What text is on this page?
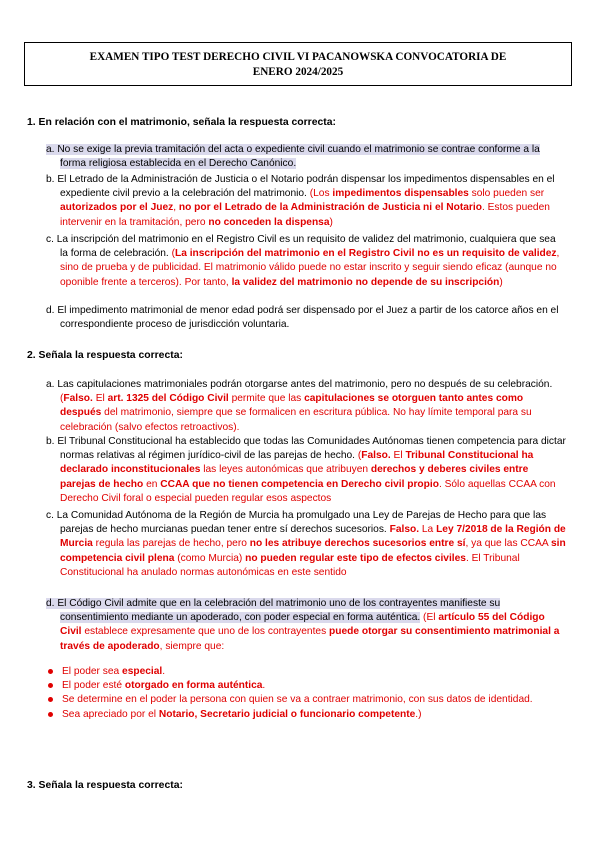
EXAMEN TIPO TEST DERECHO CIVIL VI PACANOWSKA CONVOCATORIA DE
ENERO 2024/2025
1. En relación con el matrimonio, señala la respuesta correcta:
a. No se exige la previa tramitación del acta o expediente civil cuando el matrimonio se contrae conforme a la forma religiosa establecida en el Derecho Canónico.
b. El Letrado de la Administración de Justicia o el Notario podrán dispensar los impedimentos dispensables en el expediente civil previo a la celebración del matrimonio. (Los impedimentos dispensables solo pueden ser autorizados por el Juez, no por el Letrado de la Administración de Justicia ni el Notario. Estos pueden intervenir en la tramitación, pero no conceden la dispensa)
c. La inscripción del matrimonio en el Registro Civil es un requisito de validez del matrimonio, cualquiera que sea la forma de celebración. (La inscripción del matrimonio en el Registro Civil no es un requisito de validez, sino de prueba y de publicidad. El matrimonio válido puede no estar inscrito y seguir siendo eficaz (aunque no oponible frente a terceros). Por tanto, la validez del matrimonio no depende de su inscripción)
d. El impedimento matrimonial de menor edad podrá ser dispensado por el Juez a partir de los catorce años en el correspondiente proceso de jurisdicción voluntaria.
2. Señala la respuesta correcta:
a. Las capitulaciones matrimoniales podrán otorgarse antes del matrimonio, pero no después de su celebración. (Falso. El art. 1325 del Código Civil permite que las capitulaciones se otorguen tanto antes como después del matrimonio, siempre que se formalicen en escritura pública. No hay límite temporal para su celebración (salvo efectos retroactivos).
b. El Tribunal Constitucional ha establecido que todas las Comunidades Autónomas tienen competencia para dictar normas relativas al régimen jurídico-civil de las parejas de hecho. (Falso. El Tribunal Constitucional ha declarado inconstitucionales las leyes autonómicas que atribuyen derechos y deberes civiles entre parejas de hecho en CCAA que no tienen competencia en Derecho civil propio. Sólo aquellas CCAA con Derecho Civil foral o especial pueden regular esos aspectos
c. La Comunidad Autónoma de la Región de Murcia ha promulgado una Ley de Parejas de Hecho para que las parejas de hecho murcianas puedan tener entre sí derechos sucesorios. Falso. La Ley 7/2018 de la Región de Murcia regula las parejas de hecho, pero no les atribuye derechos sucesorios entre sí, ya que las CCAA sin competencia civil plena (como Murcia) no pueden regular este tipo de efectos civiles. El Tribunal Constitucional ha anulado normas autonómicas en este sentido
d. El Código Civil admite que en la celebración del matrimonio uno de los contrayentes manifieste su consentimiento mediante un apoderado, con poder especial en forma auténtica. (El artículo 55 del Código Civil establece expresamente que uno de los contrayentes puede otorgar su consentimiento matrimonial a través de apoderado, siempre que:
El poder sea especial.
El poder esté otorgado en forma auténtica.
Se determine en el poder la persona con quien se va a contraer matrimonio, con sus datos de identidad.
Sea apreciado por el Notario, Secretario judicial o funcionario competente.)
3. Señala la respuesta correcta:
